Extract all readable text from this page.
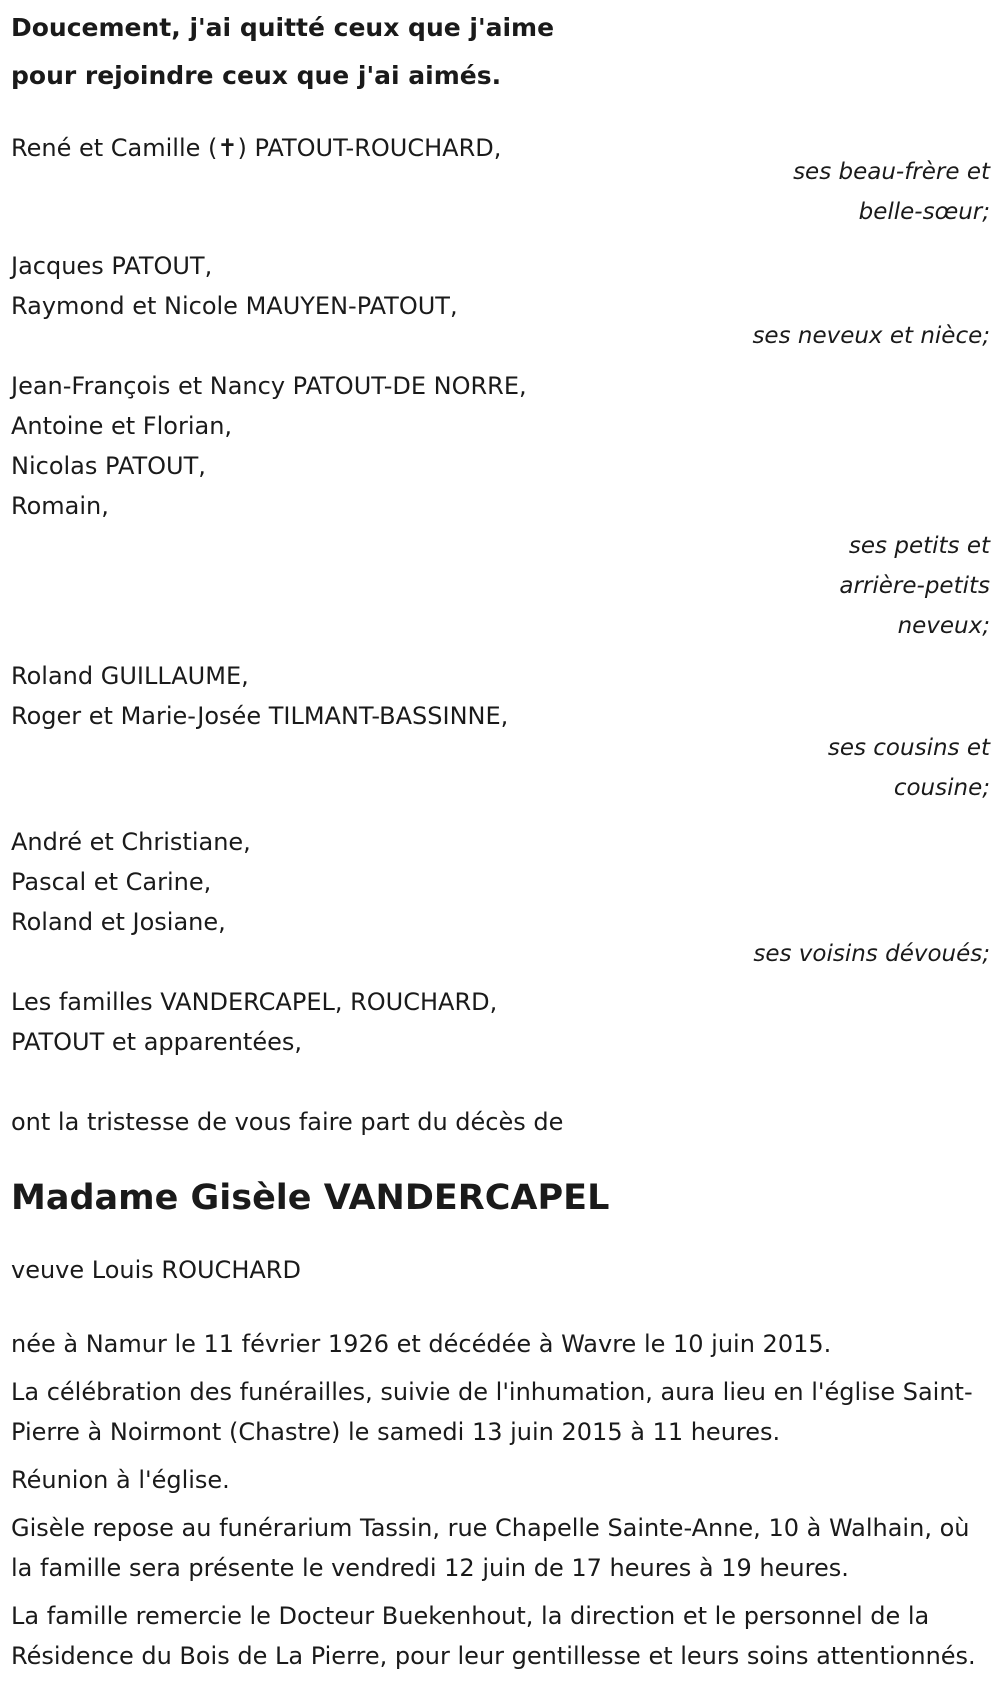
Doucement, j'ai quitté ceux que j'aime
pour rejoindre ceux que j'ai aimés.
René et Camille (✝) PATOUT-ROUCHARD,
ses beau-frère et
belle-sœur;
Jacques PATOUT,
Raymond et Nicole MAUYEN-PATOUT,
ses neveux et nièce;
Jean-François et Nancy PATOUT-DE NORRE,
Antoine et Florian,
Nicolas PATOUT,
Romain,
ses petits et
arrière-petits
neveux;
Roland GUILLAUME,
Roger et Marie-Josée TILMANT-BASSINNE,
ses cousins et
cousine;
André et Christiane,
Pascal et Carine,
Roland et Josiane,
ses voisins dévoués;
Les familles VANDERCAPEL, ROUCHARD,
PATOUT et apparentées,
ont la tristesse de vous faire part du décès de
Madame Gisèle VANDERCAPEL
veuve Louis ROUCHARD
née à Namur le 11 février 1926 et décédée à Wavre le 10 juin 2015.
La célébration des funérailles, suivie de l'inhumation, aura lieu en l'église Saint-Pierre à Noirmont (Chastre) le samedi 13 juin 2015 à 11 heures.
Réunion à l'église.
Gisèle repose au funérarium Tassin, rue Chapelle Sainte-Anne, 10 à Walhain, où la famille sera présente le vendredi 12 juin de 17 heures à 19 heures.
La famille remercie le Docteur Buekenhout, la direction et le personnel de la Résidence du Bois de La Pierre, pour leur gentillesse et leurs soins attentionnés.
